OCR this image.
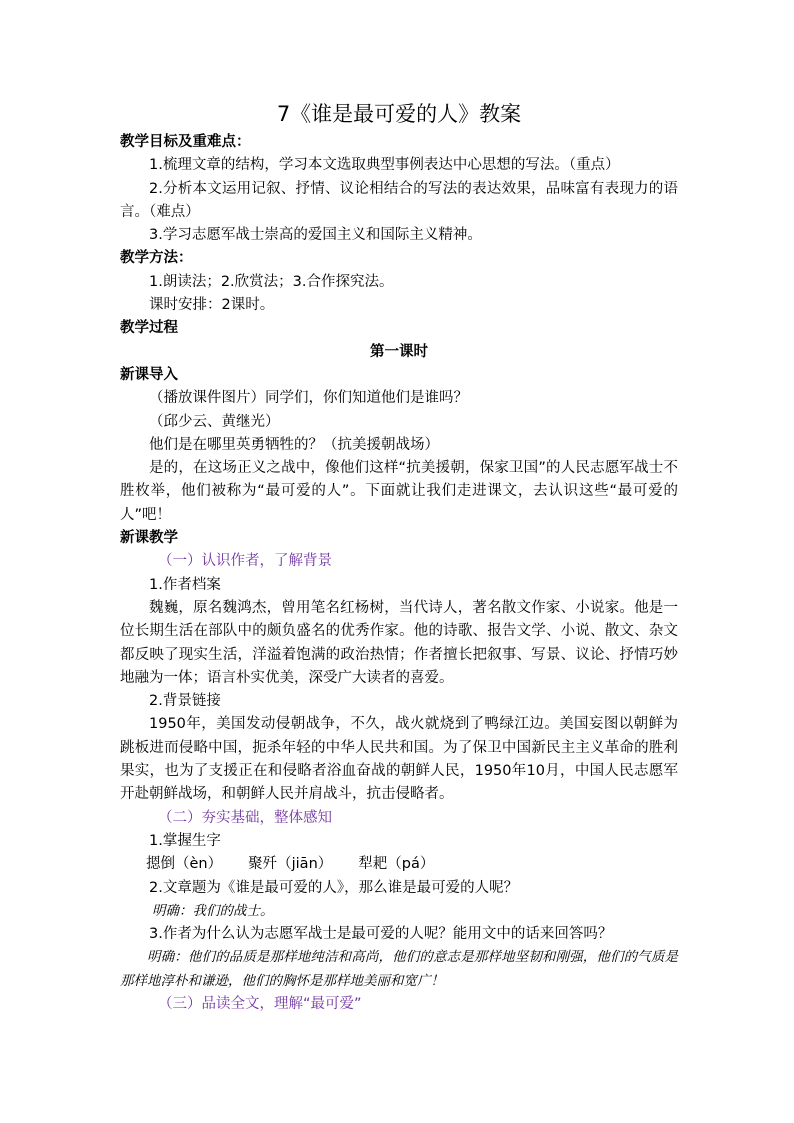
7《谁是最可爱的人》教案

教学目标及重难点：

1.梳理文章的结构，学习本文选取典型事例表达中心思想的写法。（重点）

2.分析本文运用记叙、抒情、议论相结合的写法的表达效果，品味富有表现力的语言。（难点）

3.学习志愿军战士崇高的爱国主义和国际主义精神。

教学方法：

1.朗读法；2.欣赏法；3.合作探究法。

课时安排：2课时。

教学过程

第一课时

新课导入

（播放课件图片）同学们，你们知道他们是谁吗？

（邱少云、黄继光）

他们是在哪里英勇牺牲的？（抗美援朝战场）

是的，在这场正义之战中，像他们这样“抗美援朝，保家卫国”的人民志愿军战士不胜枚举，他们被称为“最可爱的人”。下面就让我们走进课文，去认识这些“最可爱的人”吧！

新课教学

（一）认识作者，了解背景

1.作者档案

魏巍，原名魏鸿杰，曾用笔名红杨树，当代诗人，著名散文作家、小说家。他是一位长期生活在部队中的颇负盛名的优秀作家。他的诗歌、报告文学、小说、散文、杂文都反映了现实生活，洋溢着饱满的政治热情；作者擅长把叙事、写景、议论、抒情巧妙地融为一体；语言朴实优美，深受广大读者的喜爱。

2.背景链接

1950年，美国发动侵朝战争，不久，战火就烧到了鸭绿江边。美国妄图以朝鲜为跳板进而侵略中国，扼杀年轻的中华人民共和国。为了保卫中国新民主主义革命的胜利果实，也为了支援正在和侵略者浴血奋战的朝鲜人民，1950年10月，中国人民志愿军开赴朝鲜战场，和朝鲜人民并肩战斗，抗击侵略者。

（二）夯实基础，整体感知

1.掌握生字

摁倒（èn） 聚歼（jiān） 犁耙（pá）

2.文章题为《谁是最可爱的人》，那么谁是最可爱的人呢？

明确：我们的战士。

3.作者为什么认为志愿军战士是最可爱的人呢？能用文中的话来回答吗？

明确：他们的品质是那样地纯洁和高尚，他们的意志是那样地坚韧和刚强，他们的气质是那样地淳朴和谦逊，他们的胸怀是那样地美丽和宽广！

（三）品读全文，理解“最可爱”
